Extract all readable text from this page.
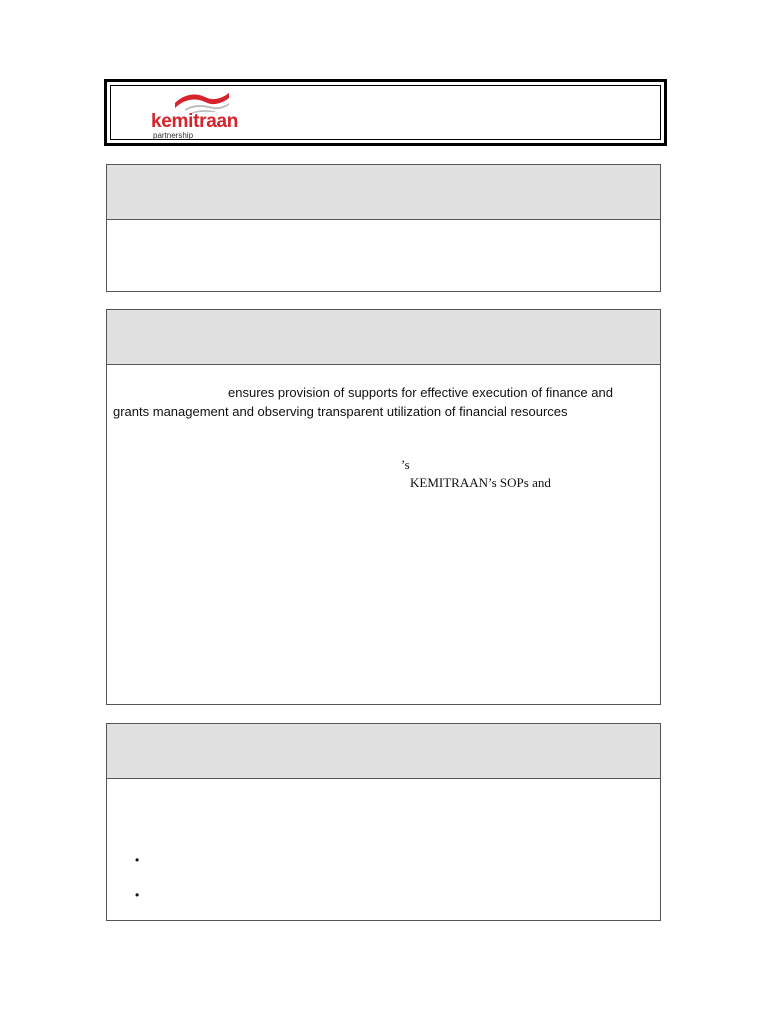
kemitraan
partnership
ensures provision of supports for effective execution of finance and
grants management and observing transparent utilization of financial resources
’s
KEMITRAAN’s SOPs and
•
•
